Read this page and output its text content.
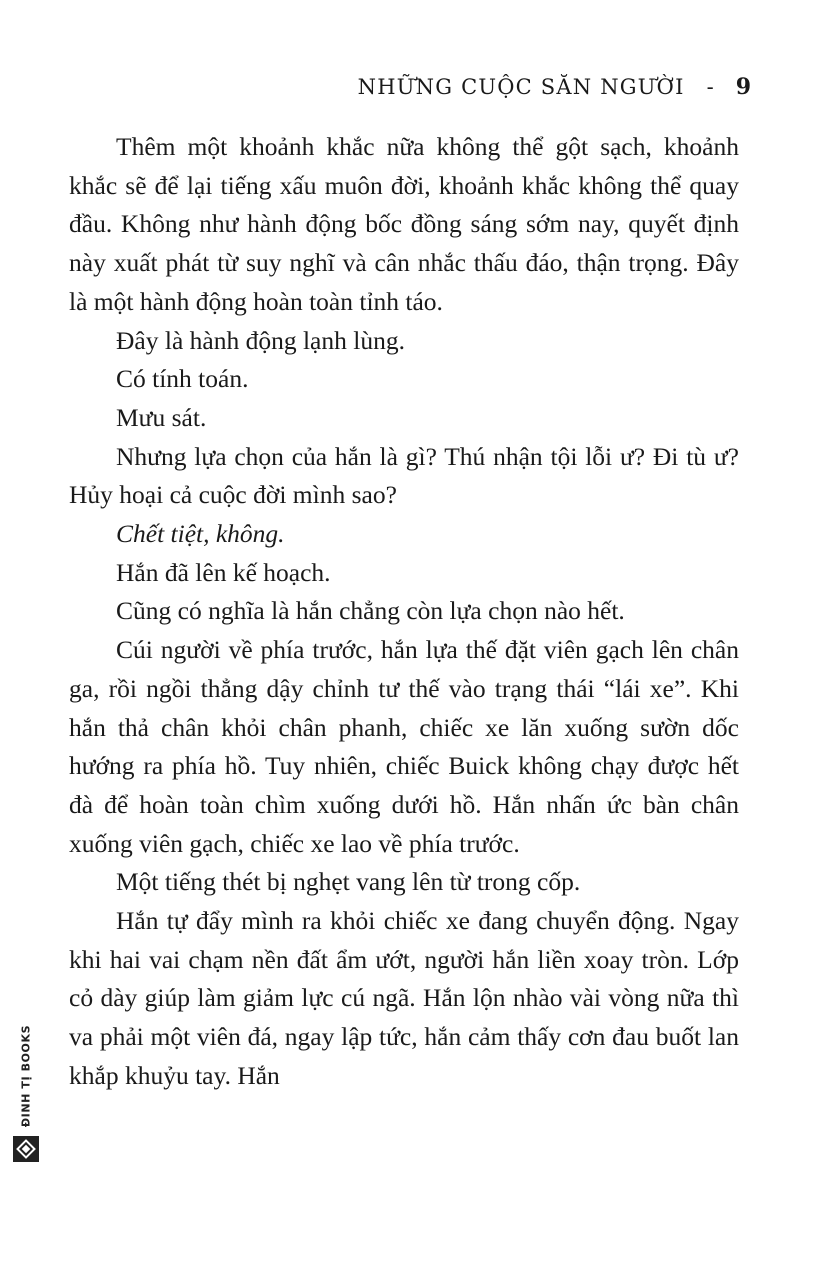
NHỮNG CUỘC SĂN NGƯỜI - 9

Thêm một khoảnh khắc nữa không thể gột sạch, khoảnh khắc sẽ để lại tiếng xấu muôn đời, khoảnh khắc không thể quay đầu. Không như hành động bốc đồng sáng sớm nay, quyết định này xuất phát từ suy nghĩ và cân nhắc thấu đáo, thận trọng. Đây là một hành động hoàn toàn tỉnh táo.

Đây là hành động lạnh lùng.

Có tính toán.

Mưu sát.

Nhưng lựa chọn của hắn là gì? Thú nhận tội lỗi ư? Đi tù ư? Hủy hoại cả cuộc đời mình sao?

Chết tiệt, không.

Hắn đã lên kế hoạch.

Cũng có nghĩa là hắn chẳng còn lựa chọn nào hết.

Cúi người về phía trước, hắn lựa thế đặt viên gạch lên chân ga, rồi ngồi thẳng dậy chỉnh tư thế vào trạng thái “lái xe”. Khi hắn thả chân khỏi chân phanh, chiếc xe lăn xuống sườn dốc hướng ra phía hồ. Tuy nhiên, chiếc Buick không chạy được hết đà để hoàn toàn chìm xuống dưới hồ. Hắn nhấn ức bàn chân xuống viên gạch, chiếc xe lao về phía trước.

Một tiếng thét bị nghẹt vang lên từ trong cốp.

Hắn tự đẩy mình ra khỏi chiếc xe đang chuyển động. Ngay khi hai vai chạm nền đất ẩm ướt, người hắn liền xoay tròn. Lớp cỏ dày giúp làm giảm lực cú ngã. Hắn lộn nhào vài vòng nữa thì va phải một viên đá, ngay lập tức, hắn cảm thấy cơn đau buốt lan khắp khuỷu tay. Hắn

ĐINH TỊ BOOKS
